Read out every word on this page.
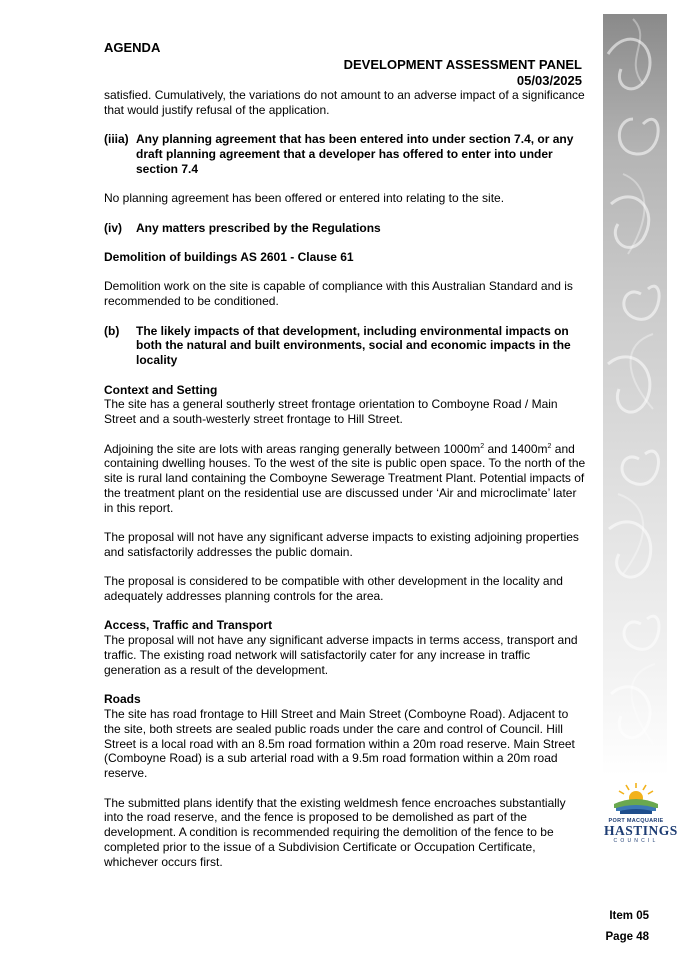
PORT MACQUARIE
HASTINGS
COUNCIL
AGENDA
DEVELOPMENT ASSESSMENT PANEL
05/03/2025

satisfied. Cumulatively, the variations do not amount to an adverse impact of a significance that would justify refusal of the application.

(iiia) Any planning agreement that has been entered into under section 7.4, or any draft planning agreement that a developer has offered to enter into under section 7.4

No planning agreement has been offered or entered into relating to the site.

(iv)	Any matters prescribed by the Regulations

Demolition of buildings AS 2601 - Clause 61

Demolition work on the site is capable of compliance with this Australian Standard and is recommended to be conditioned.

(b)	The likely impacts of that development, including environmental impacts on both the natural and built environments, social and economic impacts in the locality

Context and Setting

The site has a general southerly street frontage orientation to Comboyne Road / Main Street and a south-westerly street frontage to Hill Street.

Adjoining the site are lots with areas ranging generally between $1000m^2$ and $1400m^2$ and containing dwelling houses. To the west of the site is public open space. To the north of the site is rural land containing the Comboyne Sewerage Treatment Plant. Potential impacts of the treatment plant on the residential use are discussed under ‘Air and microclimate’ later in this report.

The proposal will not have any significant adverse impacts to existing adjoining properties and satisfactorily addresses the public domain.

The proposal is considered to be compatible with other development in the locality and adequately addresses planning controls for the area.

Access, Traffic and Transport

The proposal will not have any significant adverse impacts in terms access, transport and traffic. The existing road network will satisfactorily cater for any increase in traffic generation as a result of the development.

Roads

The site has road frontage to Hill Street and Main Street (Comboyne Road). Adjacent to the site, both streets are sealed public roads under the care and control of Council. Hill Street is a local road with an 8.5m road formation within a 20m road reserve. Main Street (Comboyne Road) is a sub arterial road with a 9.5m road formation within a 20m road reserve.

The submitted plans identify that the existing weldmesh fence encroaches substantially into the road reserve, and the fence is proposed to be demolished as part of the development. A condition is recommended requiring the demolition of the fence to be completed prior to the issue of a Subdivision Certificate or Occupation Certificate, whichever occurs first.

Item 05
Page 48
